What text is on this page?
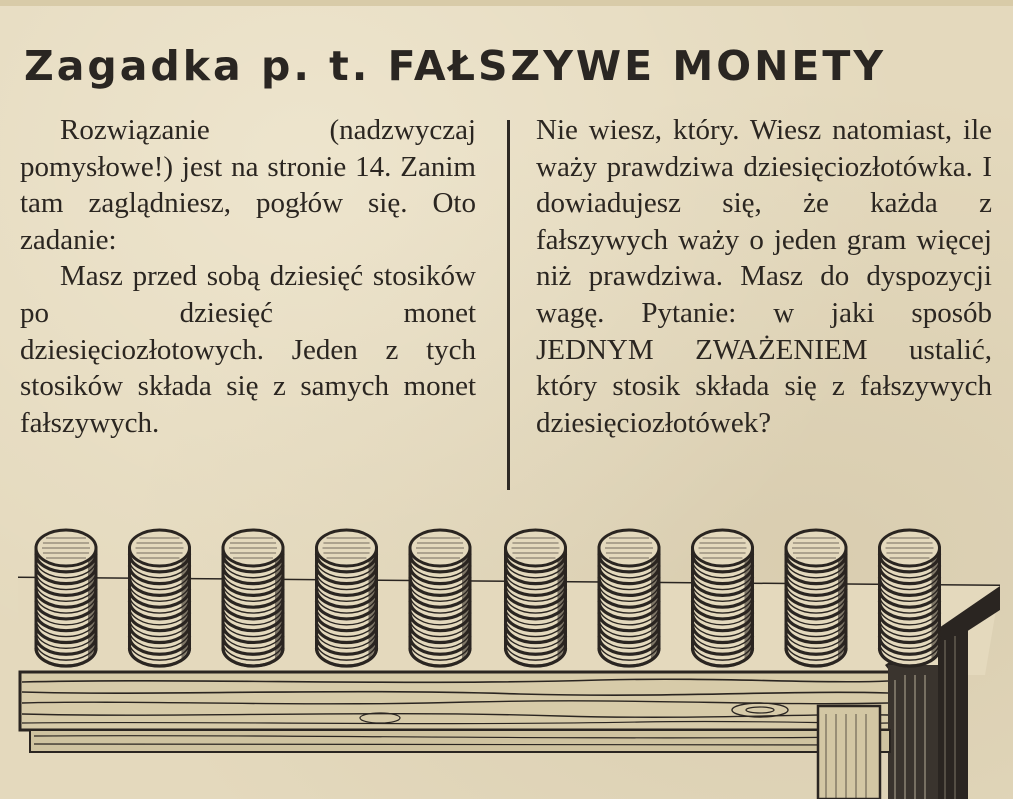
Zagadka p. t. FAŁSZYWE MONETY

Rozwiązanie (nadzwyczaj pomysłowe!) jest na stronie 14. Zanim tam zaglądniesz, pogłów się. Oto zadanie:

Masz przed sobą dziesięć stosików po dziesięć monet dziesięciozłotowych. Jeden z tych stosików składa się z samych monet fałszywych.

Nie wiesz, który. Wiesz natomiast, ile waży prawdziwa dziesięciozłotówka. I dowiadujesz się, że każda z fałszywych waży o jeden gram więcej niż prawdziwa. Masz do dyspozycji wagę. Pytanie: w jaki sposób JEDNYM ZWAŻENIEM ustalić, który stosik składa się z fałszywych dziesięciozłotówek?
